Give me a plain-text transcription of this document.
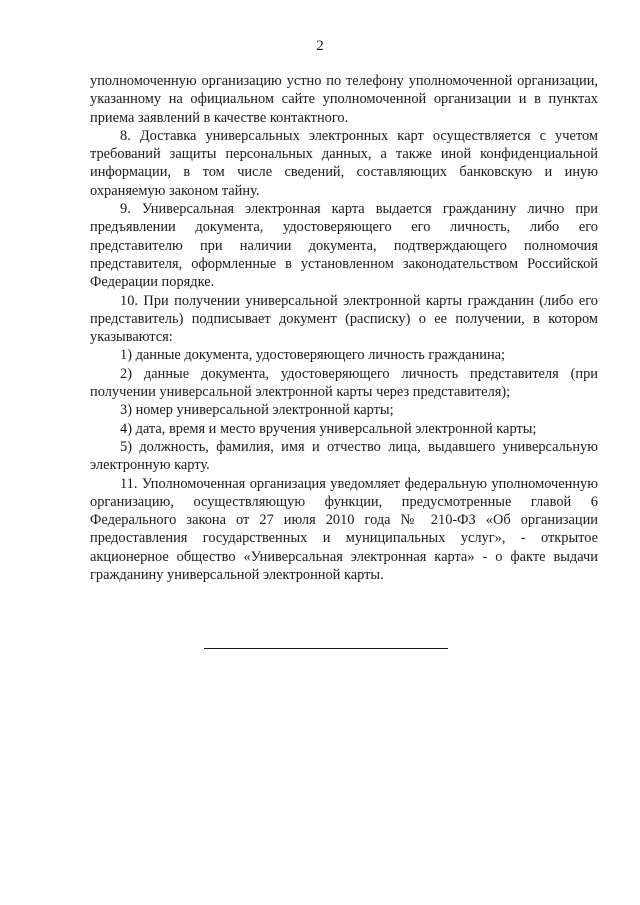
2

уполномоченную организацию устно по телефону уполномоченной организации, указанному на официальном сайте уполномоченной организации и в пунктах приема заявлений в качестве контактного.

8. Доставка универсальных электронных карт осуществляется с учетом требований защиты персональных данных, а также иной конфиденциальной информации, в том числе сведений, составляющих банковскую и иную охраняемую законом тайну.

9. Универсальная электронная карта выдается гражданину лично при предъявлении документа, удостоверяющего его личность, либо его представителю при наличии документа, подтверждающего полномочия представителя, оформленные в установленном законодательством Российской Федерации порядке.

10. При получении универсальной электронной карты гражданин (либо его представитель) подписывает документ (расписку) о ее получении, в котором указываются:

1) данные документа, удостоверяющего личность гражданина;

2) данные документа, удостоверяющего личность представителя (при получении универсальной электронной карты через представителя);

3) номер универсальной электронной карты;

4) дата, время и место вручения универсальной электронной карты;

5) должность, фамилия, имя и отчество лица, выдавшего универсальную электронную карту.

11. Уполномоченная организация уведомляет федеральную уполномоченную организацию, осуществляющую функции, предусмотренные главой 6 Федерального закона от 27 июля 2010 года № 210-ФЗ «Об организации предоставления государственных и муниципальных услуг», - открытое акционерное общество «Универсальная электронная карта» - о факте выдачи гражданину универсальной электронной карты.
